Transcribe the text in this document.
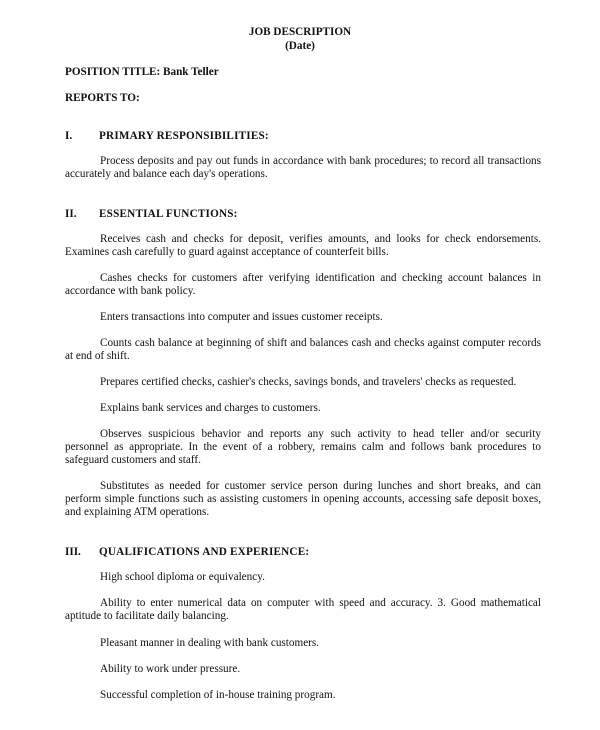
JOB DESCRIPTION
(Date)
POSITION TITLE: Bank Teller
REPORTS TO:
I. PRIMARY RESPONSIBILITIES:
Process deposits and pay out funds in accordance with bank procedures; to record all transactions accurately and balance each day's operations.
II. ESSENTIAL FUNCTIONS:
Receives cash and checks for deposit, verifies amounts, and looks for check endorsements. Examines cash carefully to guard against acceptance of counterfeit bills.
Cashes checks for customers after verifying identification and checking account balances in accordance with bank policy.
Enters transactions into computer and issues customer receipts.
Counts cash balance at beginning of shift and balances cash and checks against computer records at end of shift.
Prepares certified checks, cashier's checks, savings bonds, and travelers' checks as requested.
Explains bank services and charges to customers.
Observes suspicious behavior and reports any such activity to head teller and/or security personnel as appropriate. In the event of a robbery, remains calm and follows bank procedures to safeguard customers and staff.
Substitutes as needed for customer service person during lunches and short breaks, and can perform simple functions such as assisting customers in opening accounts, accessing safe deposit boxes, and explaining ATM operations.
III. QUALIFICATIONS AND EXPERIENCE:
High school diploma or equivalency.
Ability to enter numerical data on computer with speed and accuracy. 3. Good mathematical aptitude to facilitate daily balancing.
Pleasant manner in dealing with bank customers.
Ability to work under pressure.
Successful completion of in-house training program.
